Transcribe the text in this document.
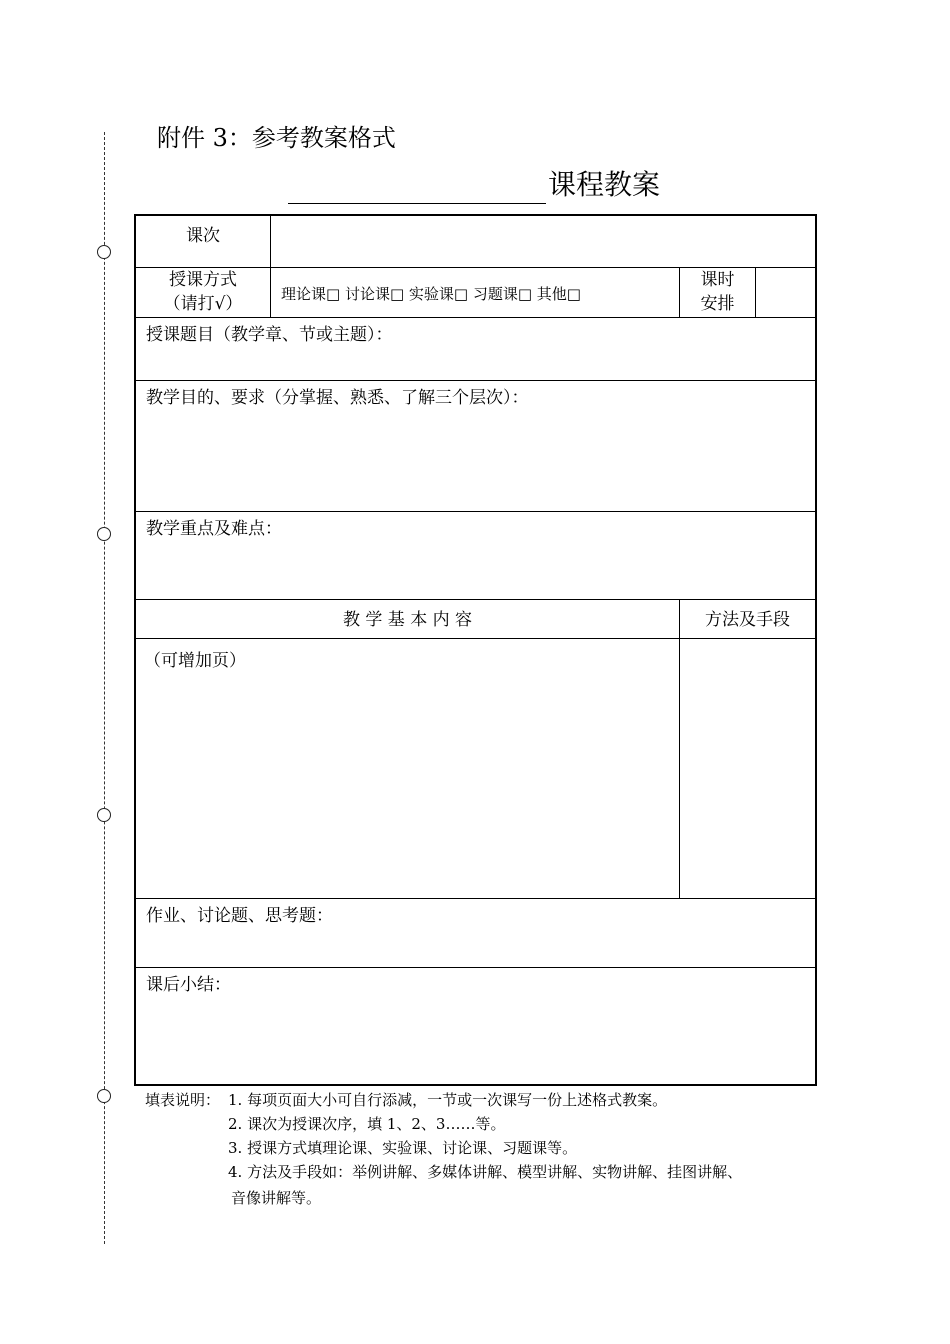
附件 3：参考教案格式
课程教案
课次
授课方式
（请打√）	理论课□ 讨论课□ 实验课□ 习题课□ 其他□
课时
安排
授课题目（教学章、节或主题）：
教学目的、要求（分掌握、熟悉、了解三个层次）：
教学重点及难点：
教 学 基 本 内 容	方法及手段
（可增加页）
作业、讨论题、思考题：
课后小结：
填表说明： 1. 每项页面大小可自行添减，一节或一次课写一份上述格式教案。
2. 课次为授课次序，填 1、2、3……等。
3. 授课方式填理论课、实验课、讨论课、习题课等。
4. 方法及手段如：举例讲解、多媒体讲解、模型讲解、实物讲解、挂图讲解、
音像讲解等。
